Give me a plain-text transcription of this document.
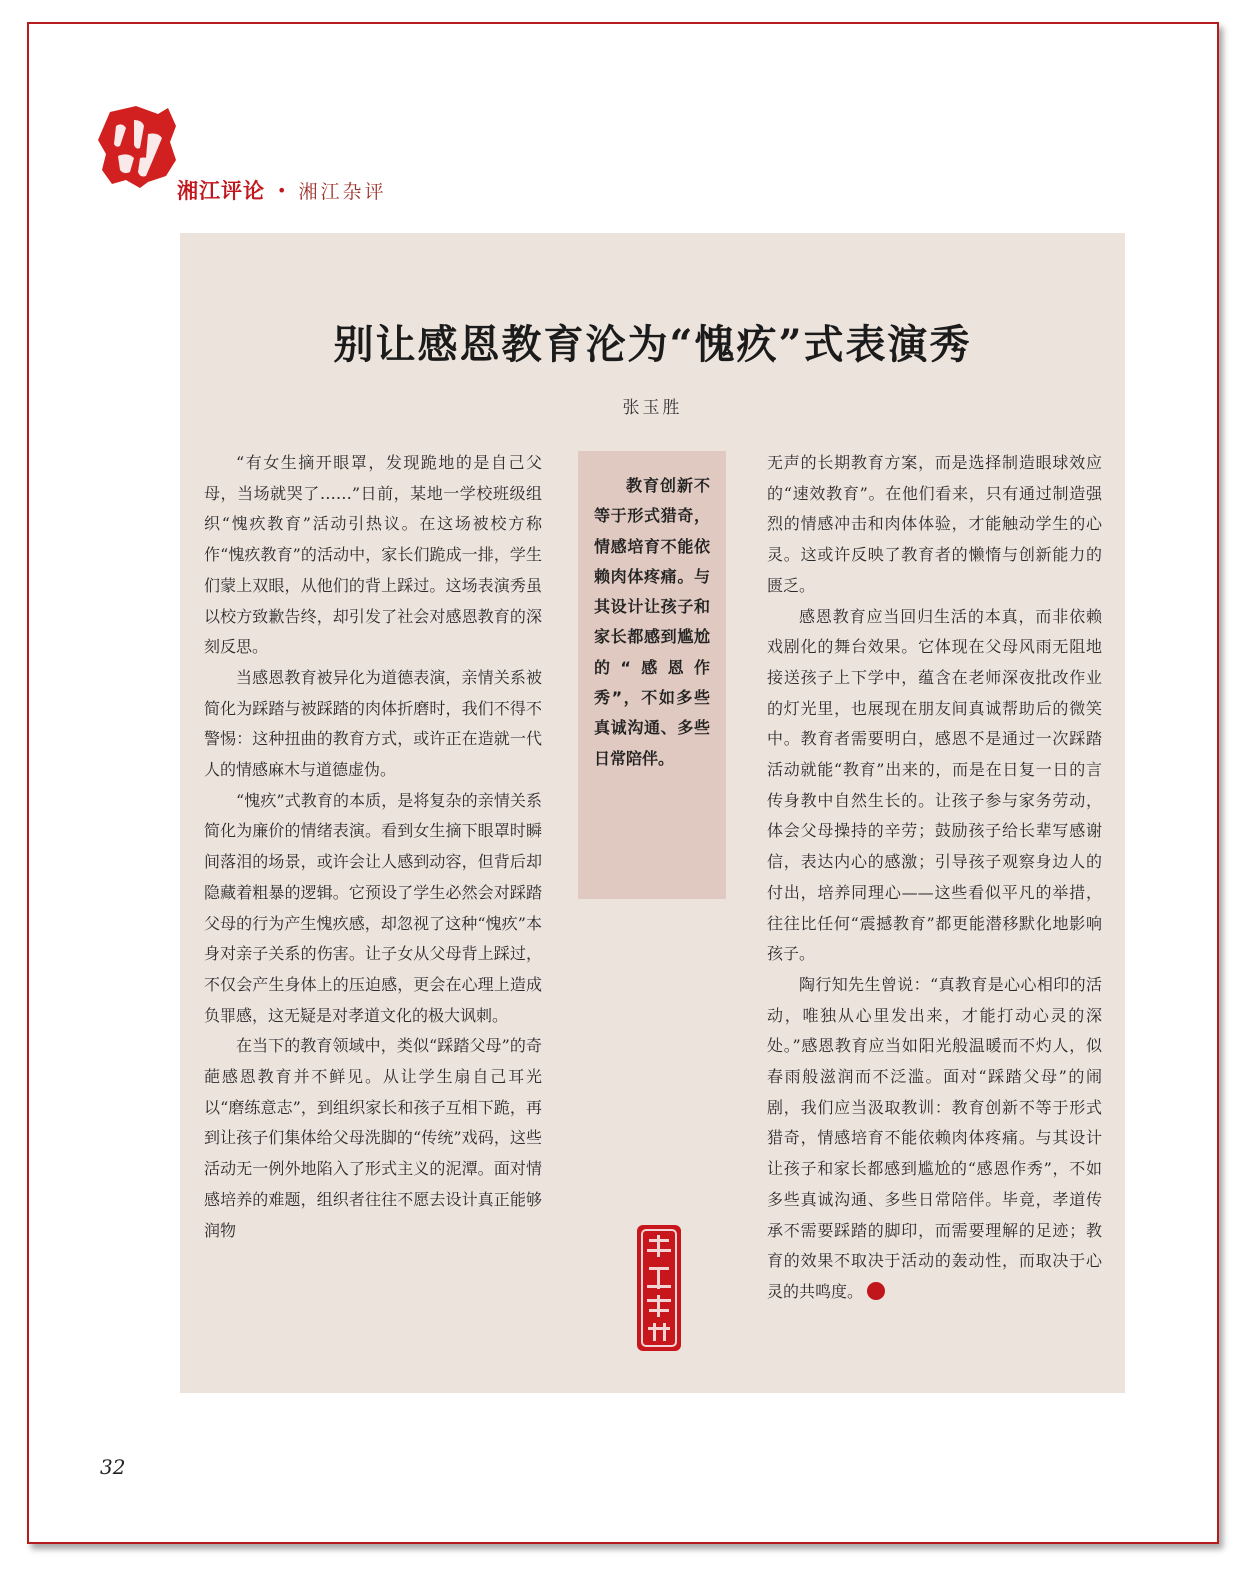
湘江评论 • 湘江杂评
别让感恩教育沦为“愧疚”式表演秀
张玉胜

“有女生摘开眼罩，发现跪地的是自己父母，当场就哭了……”日前，某地一学校班级组织“愧疚教育”活动引热议。在这场被校方称作“愧疚教育”的活动中，家长们跪成一排，学生们蒙上双眼，从他们的背上踩过。这场表演秀虽以校方致歉告终，却引发了社会对感恩教育的深刻反思。

当感恩教育被异化为道德表演，亲情关系被简化为踩踏与被踩踏的肉体折磨时，我们不得不警惕：这种扭曲的教育方式，或许正在造就一代人的情感麻木与道德虚伪。

“愧疚”式教育的本质，是将复杂的亲情关系简化为廉价的情绪表演。看到女生摘下眼罩时瞬间落泪的场景，或许会让人感到动容，但背后却隐藏着粗暴的逻辑。它预设了学生必然会对踩踏父母的行为产生愧疚感，却忽视了这种“愧疚”本身对亲子关系的伤害。让子女从父母背上踩过，不仅会产生身体上的压迫感，更会在心理上造成负罪感，这无疑是对孝道文化的极大讽刺。

在当下的教育领域中，类似“踩踏父母”的奇葩感恩教育并不鲜见。从让学生扇自己耳光以“磨练意志”，到组织家长和孩子互相下跪，再到让孩子们集体给父母洗脚的“传统”戏码，这些活动无一例外地陷入了形式主义的泥潭。面对情感培养的难题，组织者往往不愿去设计真正能够润物

教育创新不等于形式猎奇，情感培育不能依赖肉体疼痛。与其设计让孩子和家长都感到尴尬的“感恩作秀”，不如多些真诚沟通、多些日常陪伴。

无声的长期教育方案，而是选择制造眼球效应的“速效教育”。在他们看来，只有通过制造强烈的情感冲击和肉体体验，才能触动学生的心灵。这或许反映了教育者的懒惰与创新能力的匮乏。

感恩教育应当回归生活的本真，而非依赖戏剧化的舞台效果。它体现在父母风雨无阻地接送孩子上下学中，蕴含在老师深夜批改作业的灯光里，也展现在朋友间真诚帮助后的微笑中。教育者需要明白，感恩不是通过一次踩踏活动就能“教育”出来的，而是在日复一日的言传身教中自然生长的。让孩子参与家务劳动，体会父母操持的辛劳；鼓励孩子给长辈写感谢信，表达内心的感激；引导孩子观察身边人的付出，培养同理心——这些看似平凡的举措，往往比任何“震撼教育”都更能潜移默化地影响孩子。

陶行知先生曾说：“真教育是心心相印的活动，唯独从心里发出来，才能打动心灵的深处。”感恩教育应当如阳光般温暖而不灼人，似春雨般滋润而不泛滥。面对“踩踏父母”的闹剧，我们应当汲取教训：教育创新不等于形式猎奇，情感培育不能依赖肉体疼痛。与其设计让孩子和家长都感到尴尬的“感恩作秀”，不如多些真诚沟通、多些日常陪伴。毕竟，孝道传承不需要踩踏的脚印，而需要理解的足迹；教育的效果不取决于活动的轰动性，而取决于心灵的共鸣度。

32
